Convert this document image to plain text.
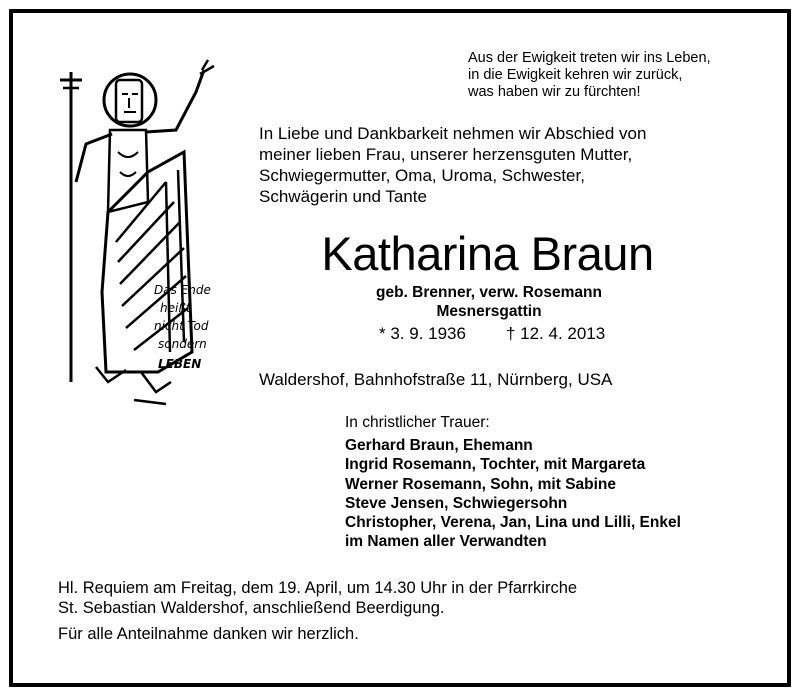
Das Ende
heißt
nicht Tod
sondern
LEBEN
Aus der Ewigkeit treten wir ins Leben,
in die Ewigkeit kehren wir zurück,
was haben wir zu fürchten!
In Liebe und Dankbarkeit nehmen wir Abschied von
meiner lieben Frau, unserer herzensguten Mutter,
Schwiegermutter, Oma, Uroma, Schwester,
Schwägerin und Tante
Katharina Braun
geb. Brenner, verw. Rosemann
Mesnersgattin
* 3. 9. 1936 † 12. 4. 2013
Waldershof, Bahnhofstraße 11, Nürnberg, USA
In christlicher Trauer:
Gerhard Braun, Ehemann
Ingrid Rosemann, Tochter, mit Margareta
Werner Rosemann, Sohn, mit Sabine
Steve Jensen, Schwiegersohn
Christopher, Verena, Jan, Lina und Lilli, Enkel
im Namen aller Verwandten
Hl. Requiem am Freitag, dem 19. April, um 14.30 Uhr in der Pfarrkirche
St. Sebastian Waldershof, anschließend Beerdigung.
Für alle Anteilnahme danken wir herzlich.
